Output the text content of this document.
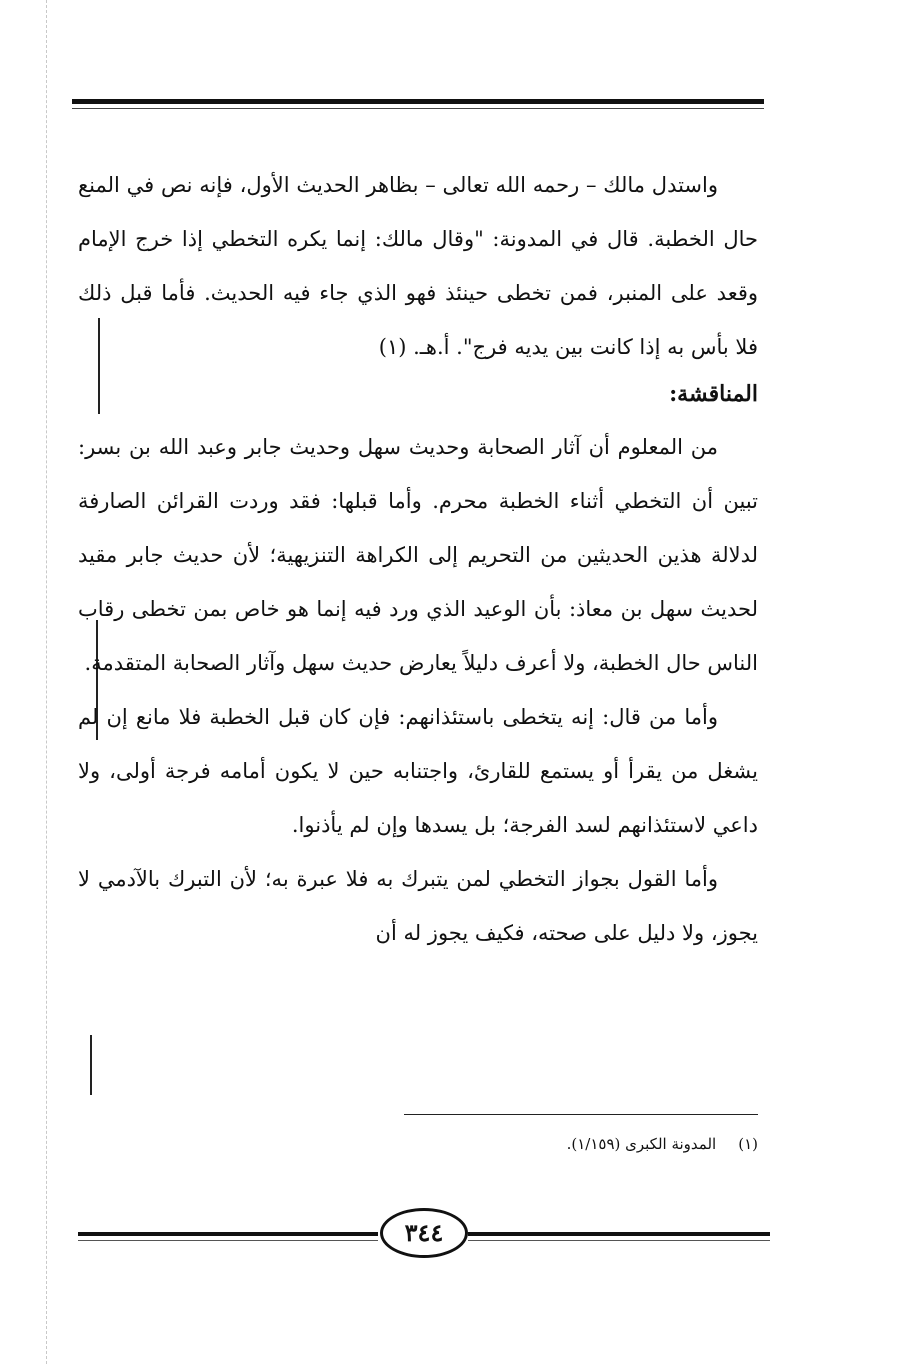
واستدل مالك – رحمه الله تعالى – بظاهر الحديث الأول، فإنه نص في المنع حال الخطبة. قال في المدونة: "وقال مالك: إنما يكره التخطي إذا خرج الإمام وقعد على المنبر، فمن تخطى حينئذ فهو الذي جاء فيه الحديث. فأما قبل ذلك فلا بأس به إذا كانت بين يديه فرج". أ.هـ. (١)

المناقشة:

من المعلوم أن آثار الصحابة وحديث سهل وحديث جابر وعبد الله بن بسر: تبين أن التخطي أثناء الخطبة محرم. وأما قبلها: فقد وردت القرائن الصارفة لدلالة هذين الحديثين من التحريم إلى الكراهة التنزيهية؛ لأن حديث جابر مقيد لحديث سهل بن معاذ: بأن الوعيد الذي ورد فيه إنما هو خاص بمن تخطى رقاب الناس حال الخطبة، ولا أعرف دليلاً يعارض حديث سهل وآثار الصحابة المتقدمة.

وأما من قال: إنه يتخطى باستئذانهم: فإن كان قبل الخطبة فلا مانع إن لم يشغل من يقرأ أو يستمع للقارئ، واجتنابه حين لا يكون أمامه فرجة أولى، ولا داعي لاستئذانهم لسد الفرجة؛ بل يسدها وإن لم يأذنوا.

وأما القول بجواز التخطي لمن يتبرك به فلا عبرة به؛ لأن التبرك بالآدمي لا يجوز، ولا دليل على صحته، فكيف يجوز له أن

(١)المدونة الكبرى (١/١٥٩).
٣٤٤
